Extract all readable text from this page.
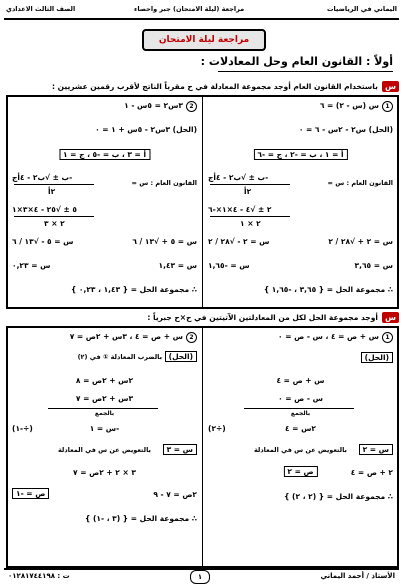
اليماني في الرياضيات
مراجعة (ليلة الامتحان) جبر واحصاء
الصف الثالث الاعدادي
مراجعة ليلة الامتحان
أولاً : القانون العام وحل المعادلات :
س
باستخدام القانون العام أوجد مجموعة المعادلة في ح مقرباً الناتج لأقرب رقمين عشريين :
1س (س - ٢) = ٦
(الحل) س٢ - ٢س - ٦ = ٠
أ = ١ ، ب = -٢ ، ج = -٦
القانون العام : س =
-ب ± √ب٢ - ٤أج
٢أ
٢ ± √٤ - ٤×١×-٦
٢ × ١
س = ٢ + √٢٨ / ٢
س = ٢ - √٢٨ / ٢
س = ٣,٦٥
س = -١,٦٥
∴ مجموعة الحل = { ٣,٦٥ ، -١,٦٥ }
2٣س٢ = ٥س - ١
(الحل) ٣س٢ - ٥س + ١ = ٠
أ = ٣ ، ب = -٥ ، ج = ١
القانون العام : س =
-ب ± √ب٢ - ٤أج
٢أ
٥ ± √٢٥ - ٤×٣×١
٢ × ٣
س = ٥ + √١٣ / ٦
س = ٥ - √١٣ / ٦
س = ١,٤٣
س = ٠,٢٣
∴ مجموعة الحل = { ١,٤٣ ، ٠,٢٣ }
س
أوجد مجموعة الحل لكل من المعادلتين الآتيتين في ح×ح جبرياً :
1س + ص = ٤ ، س - ص = ٠
(الحل)
س + ص = ٤
س - ص = ٠
بالجمع
٢س = ٤
(÷٢)
س = ٢
بالتعويض عن س في المعادلة
٢ + ص = ٤
ص = ٢
∴ مجموعة الحل = { (٢ ، ٢) }
2س + ص = ٤ ، ٣س + ٢ص = ٧
(الحل) بالضرب المعادلة ① في (٢)
٢س + ٢ص = ٨
٣س + ٢ص = ٧
بالجمع
-س = ١
(÷-١)
س = ٣
بالتعويض عن س في المعادلة
٣ × ٢ + ٢ص = ٧
٢ص = ٧ - ٩
ص = -١
∴ مجموعة الحل = { (٣ ، -١) }
الأستاذ / أحمد اليماني
ت : ٠١٢٨١٧٤٤١٩٨	١
